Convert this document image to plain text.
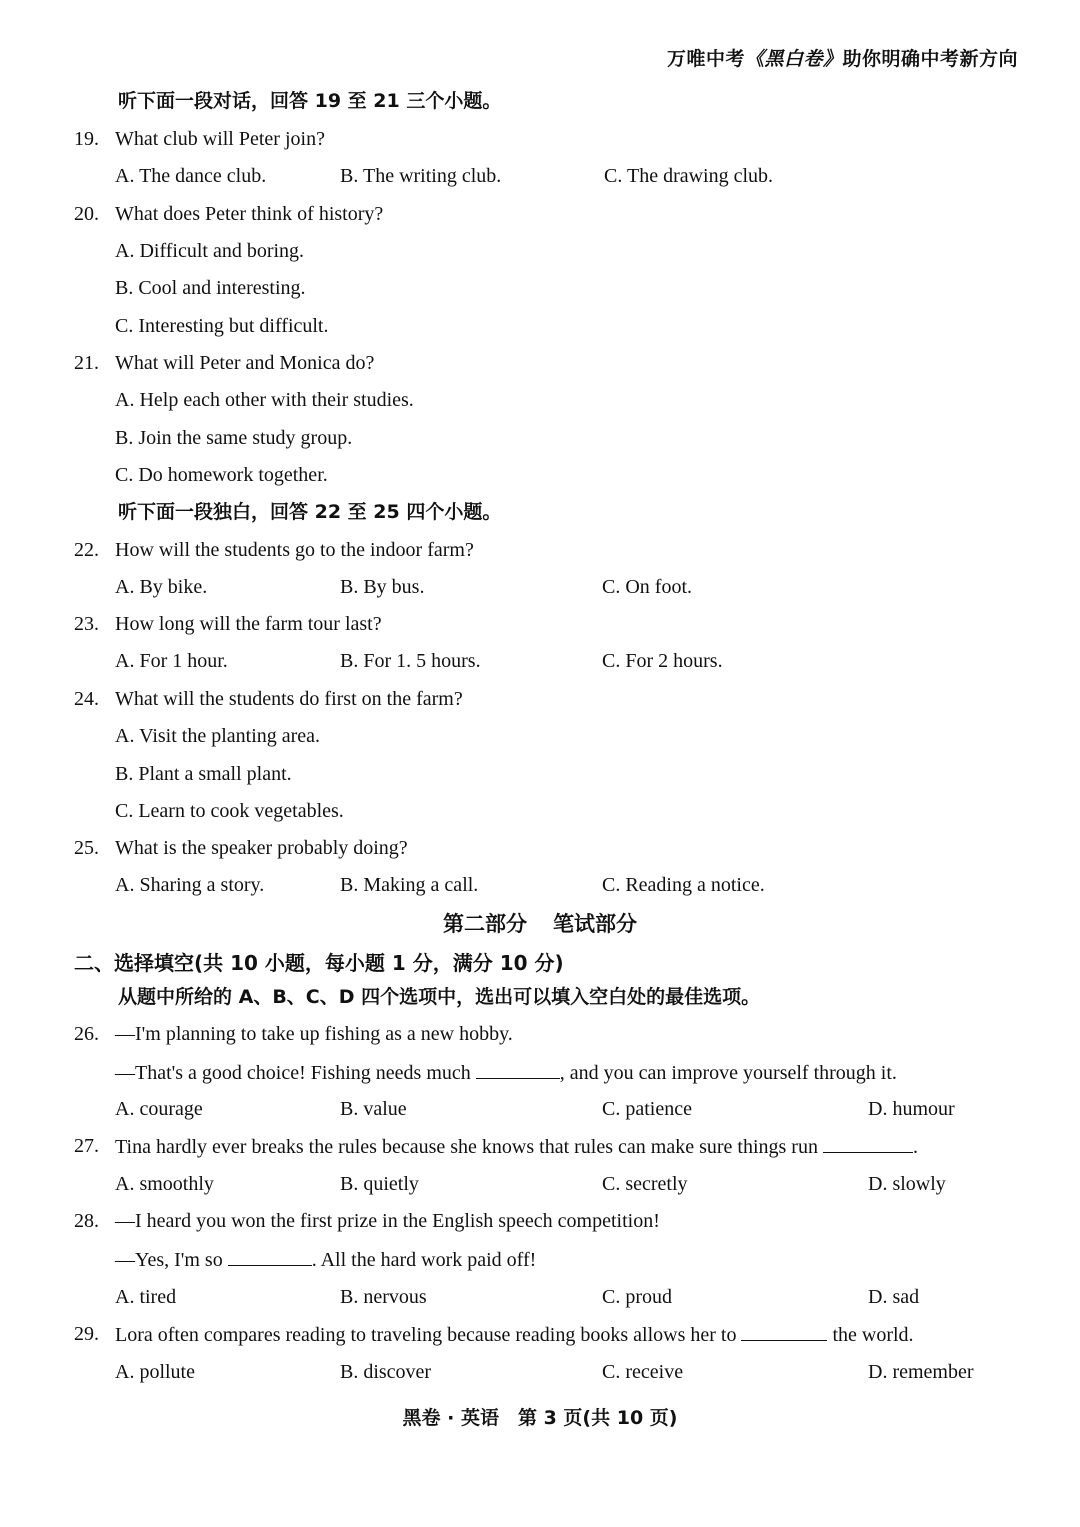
万唯中考《黑白卷》助你明确中考新方向
听下面一段对话，回答 19 至 21 三个小题。
19. What club will Peter join?
A. The dance club.	B. The writing club.	C. The drawing club.
20. What does Peter think of history?
A. Difficult and boring.
B. Cool and interesting.
C. Interesting but difficult.
21. What will Peter and Monica do?
A. Help each other with their studies.
B. Join the same study group.
C. Do homework together.
听下面一段独白，回答 22 至 25 四个小题。
22. How will the students go to the indoor farm?
A. By bike.	B. By bus.	C. On foot.
23. How long will the farm tour last?
A. For 1 hour.	B. For 1. 5 hours.	C. For 2 hours.
24. What will the students do first on the farm?
A. Visit the planting area.
B. Plant a small plant.
C. Learn to cook vegetables.
25. What is the speaker probably doing?
A. Sharing a story.	B. Making a call.	C. Reading a notice.
第二部分 笔试部分
二、选择填空(共 10 小题，每小题 1 分，满分 10 分)
从题中所给的 A、B、C、D 四个选项中，选出可以填入空白处的最佳选项。
26. —I'm planning to take up fishing as a new hobby.
—That's a good choice! Fishing needs much	, and you can improve yourself through it.
A. courage	B. value	C. patience	D. humour
27. Tina hardly ever breaks the rules because she knows that rules can make sure things run	.
A. smoothly	B. quietly	C. secretly	D. slowly
28. —I heard you won the first prize in the English speech competition!
—Yes, I'm so	. All the hard work paid off!
A. tired	B. nervous	C. proud	D. sad
29. Lora often compares reading to traveling because reading books allows her to	the world.
A. pollute	B. discover	C. receive	D. remember
黑卷 · 英语　第 3 页(共 10 页)
